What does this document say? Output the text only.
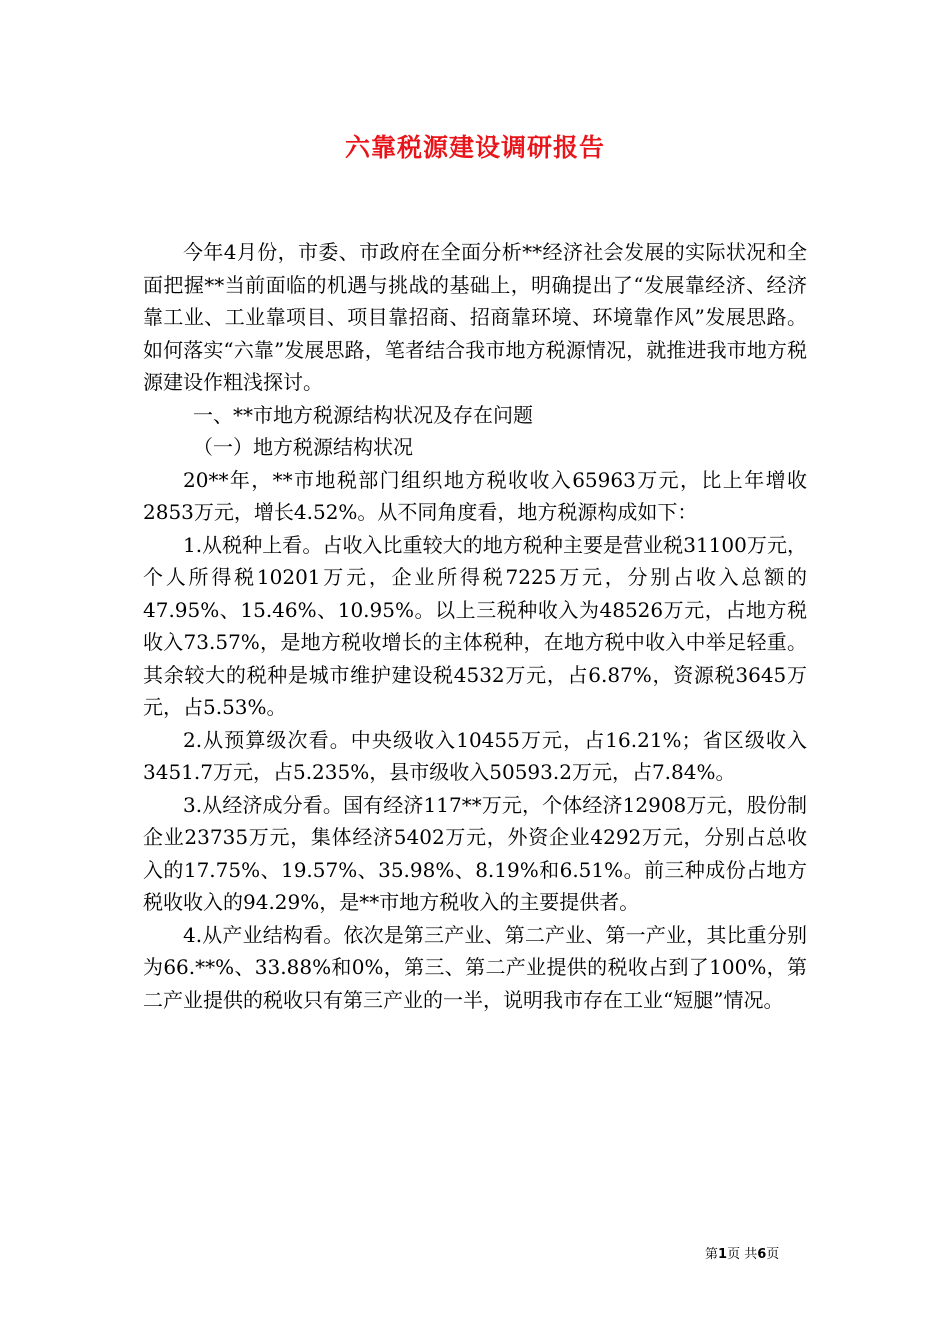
六靠税源建设调研报告

今年4月份，市委、市政府在全面分析**经济社会发展的实际状况和全面把握**当前面临的机遇与挑战的基础上，明确提出了“发展靠经济、经济靠工业、工业靠项目、项目靠招商、招商靠环境、环境靠作风”发展思路。如何落实“六靠”发展思路，笔者结合我市地方税源情况，就推进我市地方税源建设作粗浅探讨。

一、**市地方税源结构状况及存在问题

（一）地方税源结构状况

20**年，**市地税部门组织地方税收收入65963万元，比上年增收2853万元，增长4.52%。从不同角度看，地方税源构成如下：

1.从税种上看。占收入比重较大的地方税种主要是营业税31100万元，个人所得税10201万元，企业所得税7225万元，分别占收入总额的47.95%、15.46%、10.95%。以上三税种收入为48526万元，占地方税收入73.57%，是地方税收增长的主体税种，在地方税中收入中举足轻重。其余较大的税种是城市维护建设税4532万元，占6.87%，资源税3645万元，占5.53%。

2.从预算级次看。中央级收入10455万元，占16.21%；省区级收入3451.7万元，占5.235%，县市级收入50593.2万元，占7.84%。

3.从经济成分看。国有经济117**万元，个体经济12908万元，股份制企业23735万元，集体经济5402万元，外资企业4292万元，分别占总收入的17.75%、19.57%、35.98%、8.19%和6.51%。前三种成份占地方税收收入的94.29%，是**市地方税收入的主要提供者。

4.从产业结构看。依次是第三产业、第二产业、第一产业，其比重分别为66.**%、33.88%和0%，第三、第二产业提供的税收占到了100%，第二产业提供的税收只有第三产业的一半，说明我市存在工业“短腿”情况。

第1页 共6页
